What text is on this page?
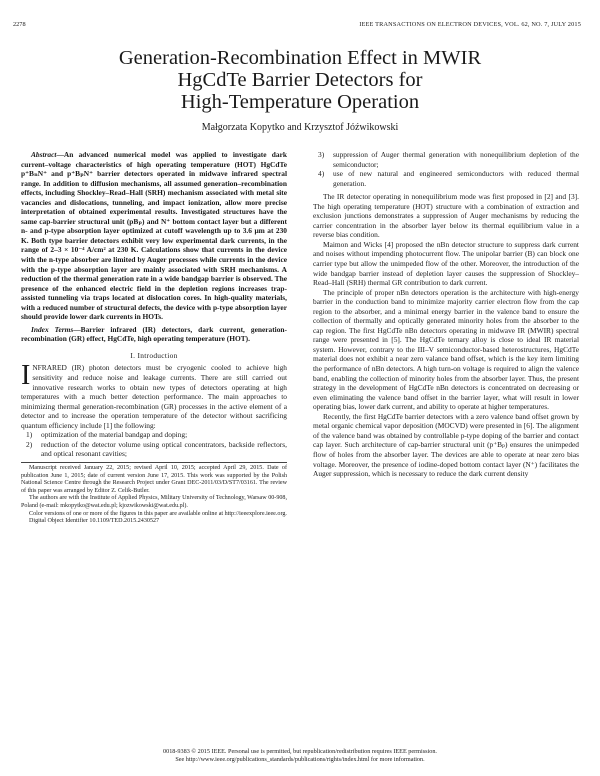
2278	IEEE TRANSACTIONS ON ELECTRON DEVICES, VOL. 62, NO. 7, JULY 2015
Generation-Recombination Effect in MWIR
HgCdTe Barrier Detectors for
High-Temperature Operation
Małgorzata Kopytko and Krzysztof Jóźwikowski

Abstract—An advanced numerical model was applied to investigate dark current–voltage characteristics of high operating temperature (HOT) HgCdTe p⁺BₙN⁺ and p⁺BₚN⁺ barrier detectors operated in midwave infrared spectral range. In addition to diffusion mechanisms, all assumed generation–recombination effects, including Shockley–Read–Hall (SRH) mechanism associated with metal site vacancies and dislocations, tunneling, and impact ionization, allow more precise interpretation of obtained experimental results. Investigated structures have the same cap-barrier structural unit (pBₚ) and N⁺ bottom contact layer but a different n- and p-type absorption layer optimized at cutoff wavelength up to 3.6 μm at 230 K. Both type barrier detectors exhibit very low experimental dark currents, in the range of 2–3 × 10⁻⁴ A/cm² at 230 K. Calculations show that currents in the device with the n-type absorber are limited by Auger processes while currents in the device with the p-type absorption layer are mainly associated with SRH mechanisms. A reduction of the thermal generation rate in a wide bandgap barrier is observed. The presence of the enhanced electric field in the depletion regions increases trap-assisted tunneling via traps located at dislocation cores. In high-quality materials, with a reduced number of structural defects, the device with p-type absorption layer should provide lower dark currents in HOTs.

Index Terms—Barrier infrared (IR) detectors, dark current, generation-recombination (GR) effect, HgCdTe, high operating temperature (HOT).

I. Introduction

INFRARED (IR) photon detectors must be cryogenic cooled to achieve high sensitivity and reduce noise and leakage currents. There are still carried out innovative research works to obtain new types of detectors operating at high temperatures with a much better detection performance. The main approaches to minimizing thermal generation-recombination (GR) processes in the active element of a detector and to increase the operation temperature of the detector without sacrificing quantum efficiency include [1] the following:

1) optimization of the material bandgap and doping;
2) reduction of the detector volume using optical concentrators, backside reflectors, and optical resonant cavities;

Manuscript received January 22, 2015; revised April 10, 2015; accepted April 29, 2015. Date of publication June 1, 2015; date of current version June 17, 2015. This work was supported by the Polish National Science Centre through the Research Project under Grant DEC-2011/03/D/ST7/03161. The review of this paper was arranged by Editor Z. Celik-Butler.

The authors are with the Institute of Applied Physics, Military University of Technology, Warsaw 00-908, Poland (e-mail: mkopytko@wat.edu.pl; kjozwikowski@wat.edu.pl).

Color versions of one or more of the figures in this paper are available online at http://ieeexplore.ieee.org.

Digital Object Identifier 10.1109/TED.2015.2430527

3) suppression of Auger thermal generation with nonequilibrium depletion of the semiconductor;
4) use of new natural and engineered semiconductors with reduced thermal generation.

The IR detector operating in nonequilibrium mode was first proposed in [2] and [3]. The high operating temperature (HOT) structure with a combination of extraction and exclusion junctions demonstrates a suppression of Auger mechanisms by reducing the carrier concentration in the absorber layer below its thermal equilibrium value in a reverse bias condition.

Maimon and Wicks [4] proposed the nBn detector structure to suppress dark current and noises without impending photocurrent flow. The unipolar barrier (B) can block one carrier type but allow the unimpeded flow of the other. Moreover, the introduction of the wide bandgap barrier instead of depletion layer causes the suppression of Shockley–Read–Hall (SRH) thermal GR contribution to dark current.

The principle of proper nBn detectors operation is the architecture with high-energy barrier in the conduction band to minimize majority carrier electron flow from the cap region to the absorber, and a minimal energy barrier in the valence band to ensure the collection of thermally and optically generated minority holes from the absorber to the cap region. The first HgCdTe nBn detectors operating in midwave IR (MWIR) spectral range were presented in [5]. The HgCdTe ternary alloy is close to ideal IR material system. However, contrary to the III–V semiconductor-based heterostructures, HgCdTe material does not exhibit a near zero valance band offset, which is the key item limiting the performance of nBn detectors. A high turn-on voltage is required to align the valence band, enabling the collection of minority holes from the absorber layer. Thus, the present strategy in the development of HgCdTe nBn detectors is concentrated on decreasing or even eliminating the valence band offset in the barrier layer, what will result in lower operating bias, lower dark current, and ability to operate at higher temperatures.

Recently, the first HgCdTe barrier detectors with a zero valence band offset grown by metal organic chemical vapor deposition (MOCVD) were presented in [6]. The alignment of the valence band was obtained by controllable p-type doping of the barrier and contact cap layer. Such architecture of cap-barrier structural unit (p⁺Bₚ) ensures the unimpeded flow of holes from the absorber layer. The devices are able to operate at near zero bias voltage. Moreover, the presence of iodine-doped bottom contact layer (N⁺) facilitates the Auger suppression, which is necessary to reduce the dark current density

0018-9383 © 2015 IEEE. Personal use is permitted, but republication/redistribution requires IEEE permission.
See http://www.ieee.org/publications_standards/publications/rights/index.html for more information.
